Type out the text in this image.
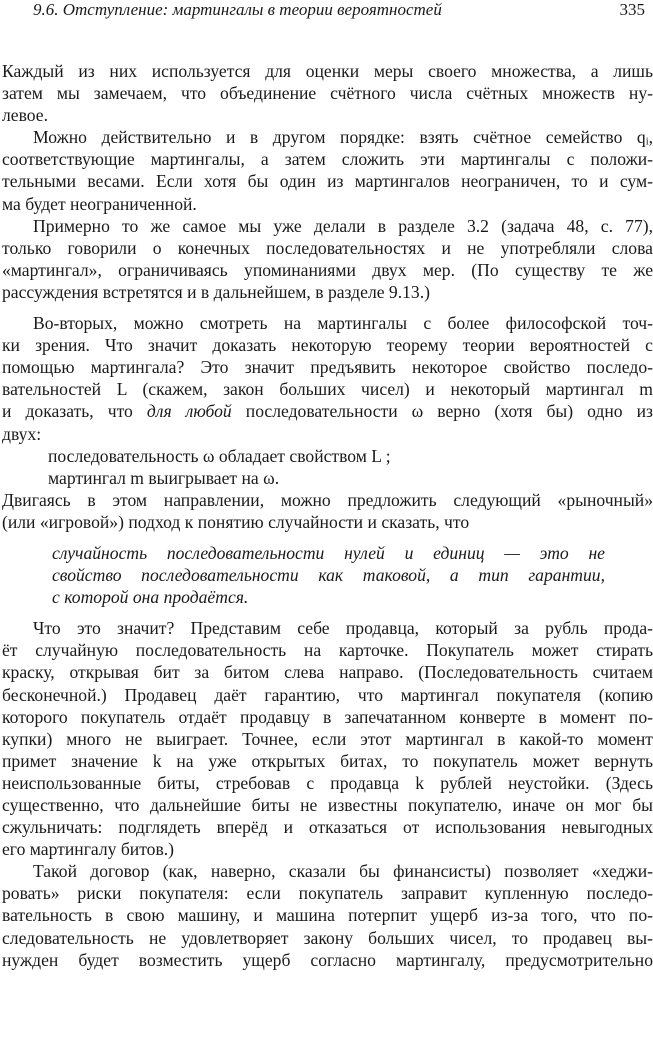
9.6. Отступление: мартингалы в теории вероятностей	335
Каждый из них используется для оценки меры своего множества, а лишь
затем мы замечаем, что объединение счётного числа счётных множеств ну-
левое.
Можно действительно и в другом порядке: взять счётное семейство qᵢ,
соответствующие мартингалы, а затем сложить эти мартингалы с положи-
тельными весами. Если хотя бы один из мартингалов неограничен, то и сум-
ма будет неограниченной.
Примерно то же самое мы уже делали в разделе 3.2 (задача 48, с. 77),
только говорили о конечных последовательностях и не употребляли слова
«мартингал», ограничиваясь упоминаниями двух мер. (По существу те же
рассуждения встретятся и в дальнейшем, в разделе 9.13.)
Во-вторых, можно смотреть на мартингалы с более философской точ-
ки зрения. Что значит доказать некоторую теорему теории вероятностей с
помощью мартингала? Это значит предъявить некоторое свойство последо-
вательностей L (скажем, закон больших чисел) и некоторый мартингал m
и доказать, что для любой последовательности ω верно (хотя бы) одно из
двух:
последовательность ω обладает свойством L ;
мартингал m выигрывает на ω.
Двигаясь в этом направлении, можно предложить следующий «рыночный»
(или «игровой») подход к понятию случайности и сказать, что
случайность последовательности нулей и единиц — это не
свойство последовательности как таковой, а тип гарантии,
с которой она продаётся.
Что это значит? Представим себе продавца, который за рубль прода-
ёт случайную последовательность на карточке. Покупатель может стирать
краску, открывая бит за битом слева направо. (Последовательность считаем
бесконечной.) Продавец даёт гарантию, что мартингал покупателя (копию
которого покупатель отдаёт продавцу в запечатанном конверте в момент по-
купки) много не выиграет. Точнее, если этот мартингал в какой-то момент
примет значение k на уже открытых битах, то покупатель может вернуть
неиспользованные биты, стребовав с продавца k рублей неустойки. (Здесь
существенно, что дальнейшие биты не известны покупателю, иначе он мог бы
сжульничать: подглядеть вперёд и отказаться от использования невыгодных
его мартингалу битов.)
Такой договор (как, наверно, сказали бы финансисты) позволяет «хеджи-
ровать» риски покупателя: если покупатель заправит купленную последо-
вательность в свою машину, и машина потерпит ущерб из-за того, что по-
следовательность не удовлетворяет закону больших чисел, то продавец вы-
нужден будет возместить ущерб согласно мартингалу, предусмотрительно
